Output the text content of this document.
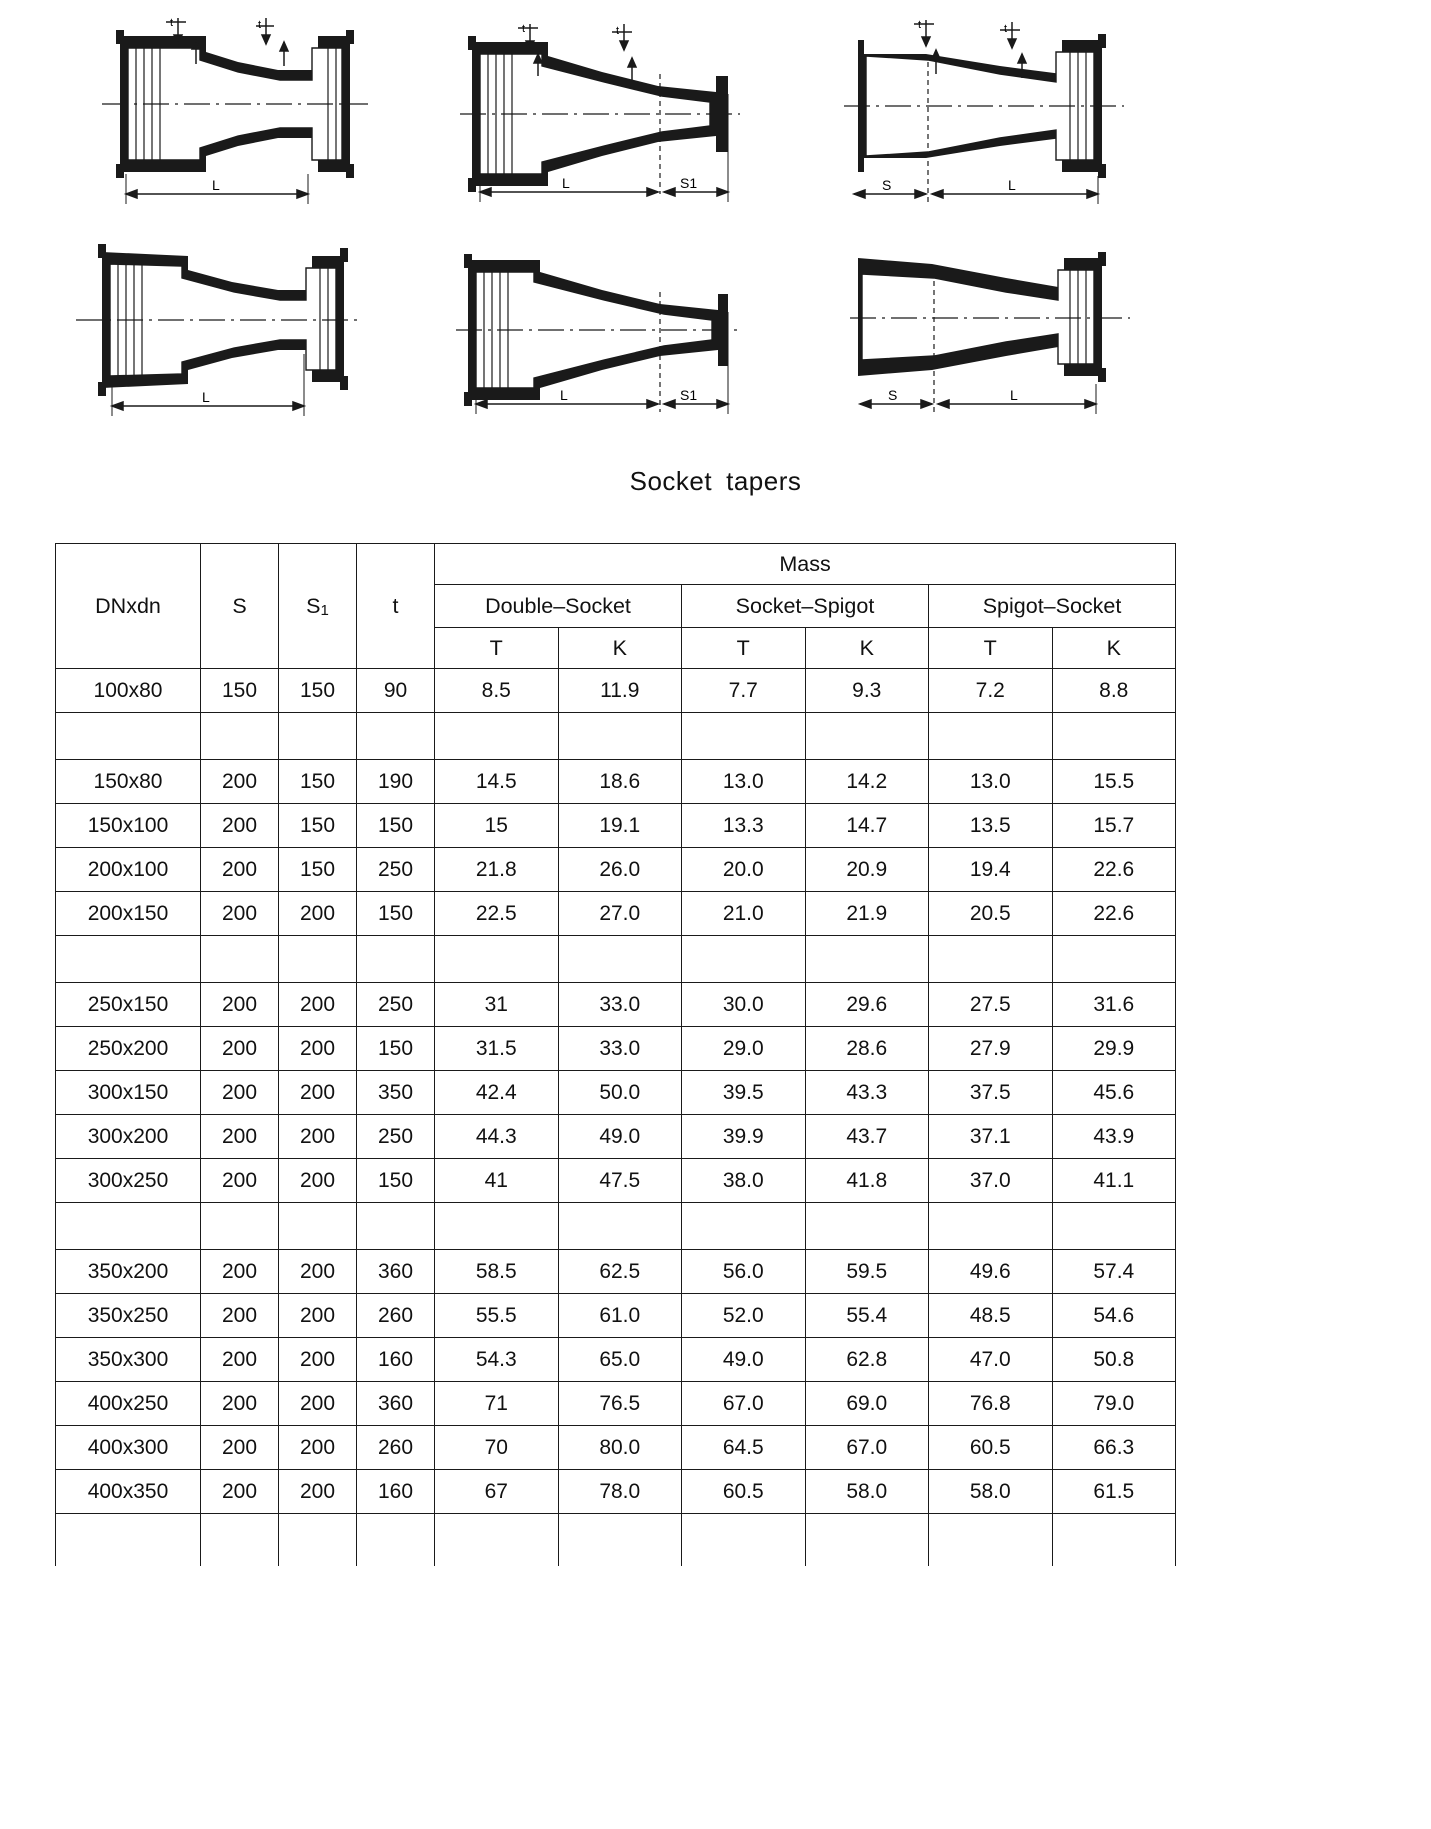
t	t
L
t	t
L	S1
t	t
S	L
L	L	S1	S	L
Socket tapers
DNxdn	S	S1	t	Mass					
				Double–Socket		Socket–Spigot		Spigot–Socket	
				T	K	T	K	T	K
100x80	150	150	90	8.5	11.9	7.7	9.3	7.2	8.8

150x80	200	150	190	14.5	18.6	13.0	14.2	13.0	15.5
150x100	200	150	150	15	19.1	13.3	14.7	13.5	15.7
200x100	200	150	250	21.8	26.0	20.0	20.9	19.4	22.6
200x150	200	200	150	22.5	27.0	21.0	21.9	20.5	22.6

250x150	200	200	250	31	33.0	30.0	29.6	27.5	31.6
250x200	200	200	150	31.5	33.0	29.0	28.6	27.9	29.9
300x150	200	200	350	42.4	50.0	39.5	43.3	37.5	45.6
300x200	200	200	250	44.3	49.0	39.9	43.7	37.1	43.9
300x250	200	200	150	41	47.5	38.0	41.8	37.0	41.1

350x200	200	200	360	58.5	62.5	56.0	59.5	49.6	57.4
350x250	200	200	260	55.5	61.0	52.0	55.4	48.5	54.6
350x300	200	200	160	54.3	65.0	49.0	62.8	47.0	50.8
400x250	200	200	360	71	76.5	67.0	69.0	76.8	79.0
400x300	200	200	260	70	80.0	64.5	67.0	60.5	66.3
400x350	200	200	160	67	78.0	60.5	58.0	58.0	61.5
